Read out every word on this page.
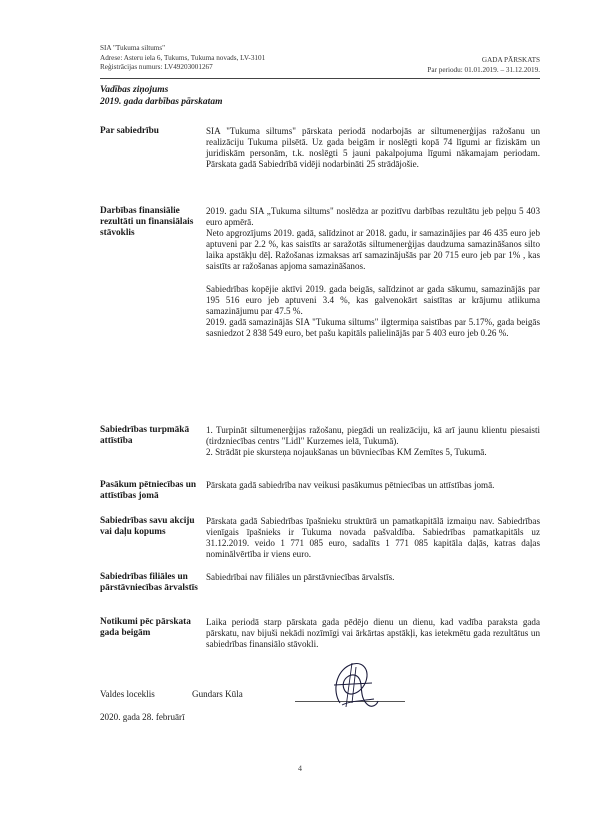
SIA "Tukuma siltums"
Adrese: Asteru iela 6, Tukums, Tukuma novads, LV-3101
Reģistrācijas numurs: LV49203001267
GADA PĀRSKATS
Par periodu: 01.01.2019. – 31.12.2019.
Vadības ziņojums
2019. gada darbības pārskatam
Par sabiedrību	SIA "Tukuma siltums" pārskata periodā nodarbojās ar siltumenerģijas ražošanu un realizāciju Tukuma pilsētā. Uz gada beigām ir noslēgti kopā 74 līgumi ar fiziskām un juridiskām personām, t.k. noslēgti 5 jauni pakalpojuma līgumi nākamajam periodam. Pārskata gadā Sabiedrībā vidēji nodarbināti 25 strādājošie.

Darbības finansiālie rezultāti un finansiālais stāvoklis

2019. gadu SIA „Tukuma siltums" noslēdza ar pozitīvu darbības rezultātu jeb peļņu 5 403 euro apmērā.

Neto apgrozījums 2019. gadā, salīdzinot ar 2018. gadu, ir samazinājies par 46 435 euro jeb aptuveni par 2.2 %, kas saistīts ar saražotās siltumenerģijas daudzuma samazināšanos silto laika apstākļu dēļ. Ražošanas izmaksas arī samazinājušās par 20 715 euro jeb par 1% , kas saistīts ar ražošanas apjoma samazināšanos.

Sabiedrības kopējie aktīvi 2019. gada beigās, salīdzinot ar gada sākumu, samazinājās par 195 516 euro jeb aptuveni 3.4 %, kas galvenokārt saistītas ar krājumu atlikuma samazinājumu par 47.5 %.

2019. gadā samazinājās SIA "Tukuma siltums" ilgtermiņa saistības par 5.17%, gada beigās sasniedzot 2 838 549 euro, bet pašu kapitāls palielinājās par 5 403 euro jeb 0.26 %.

Sabiedrības turpmākā attīstība

1. Turpināt siltumenerģijas ražošanu, piegādi un realizāciju, kā arī jaunu klientu piesaisti (tirdzniecības centrs "Lidl" Kurzemes ielā, Tukumā).

2. Strādāt pie skursteņa nojaukšanas un būvniecības KM Zemītes 5, Tukumā.

Pasākum pētniecības un attīstības jomā

Pārskata gadā sabiedrība nav veikusi pasākumus pētniecības un attīstības jomā.

Sabiedrības savu akciju vai daļu kopums

Pārskata gadā Sabiedrības īpašnieku struktūrā un pamatkapitālā izmaiņu nav. Sabiedrības vienīgais īpašnieks ir Tukuma novada pašvaldība. Sabiedrības pamatkapitāls uz 31.12.2019. veido 1 771 085 euro, sadalīts 1 771 085 kapitāla daļās, katras daļas nominālvērtība ir viens euro.

Sabiedrības filiāles un pārstāvniecības ārvalstīs

Sabiedrībai nav filiāles un pārstāvniecības ārvalstīs.

Notikumi pēc pārskata gada beigām

Laika periodā starp pārskata gada pēdējo dienu un dienu, kad vadība paraksta gada pārskatu, nav bijuši nekādi nozīmīgi vai ārkārtas apstākļi, kas ietekmētu gada rezultātus un sabiedrības finansiālo stāvokli.

Valdes loceklis	Gundars Kūla
2020. gada 28. februārī
4
